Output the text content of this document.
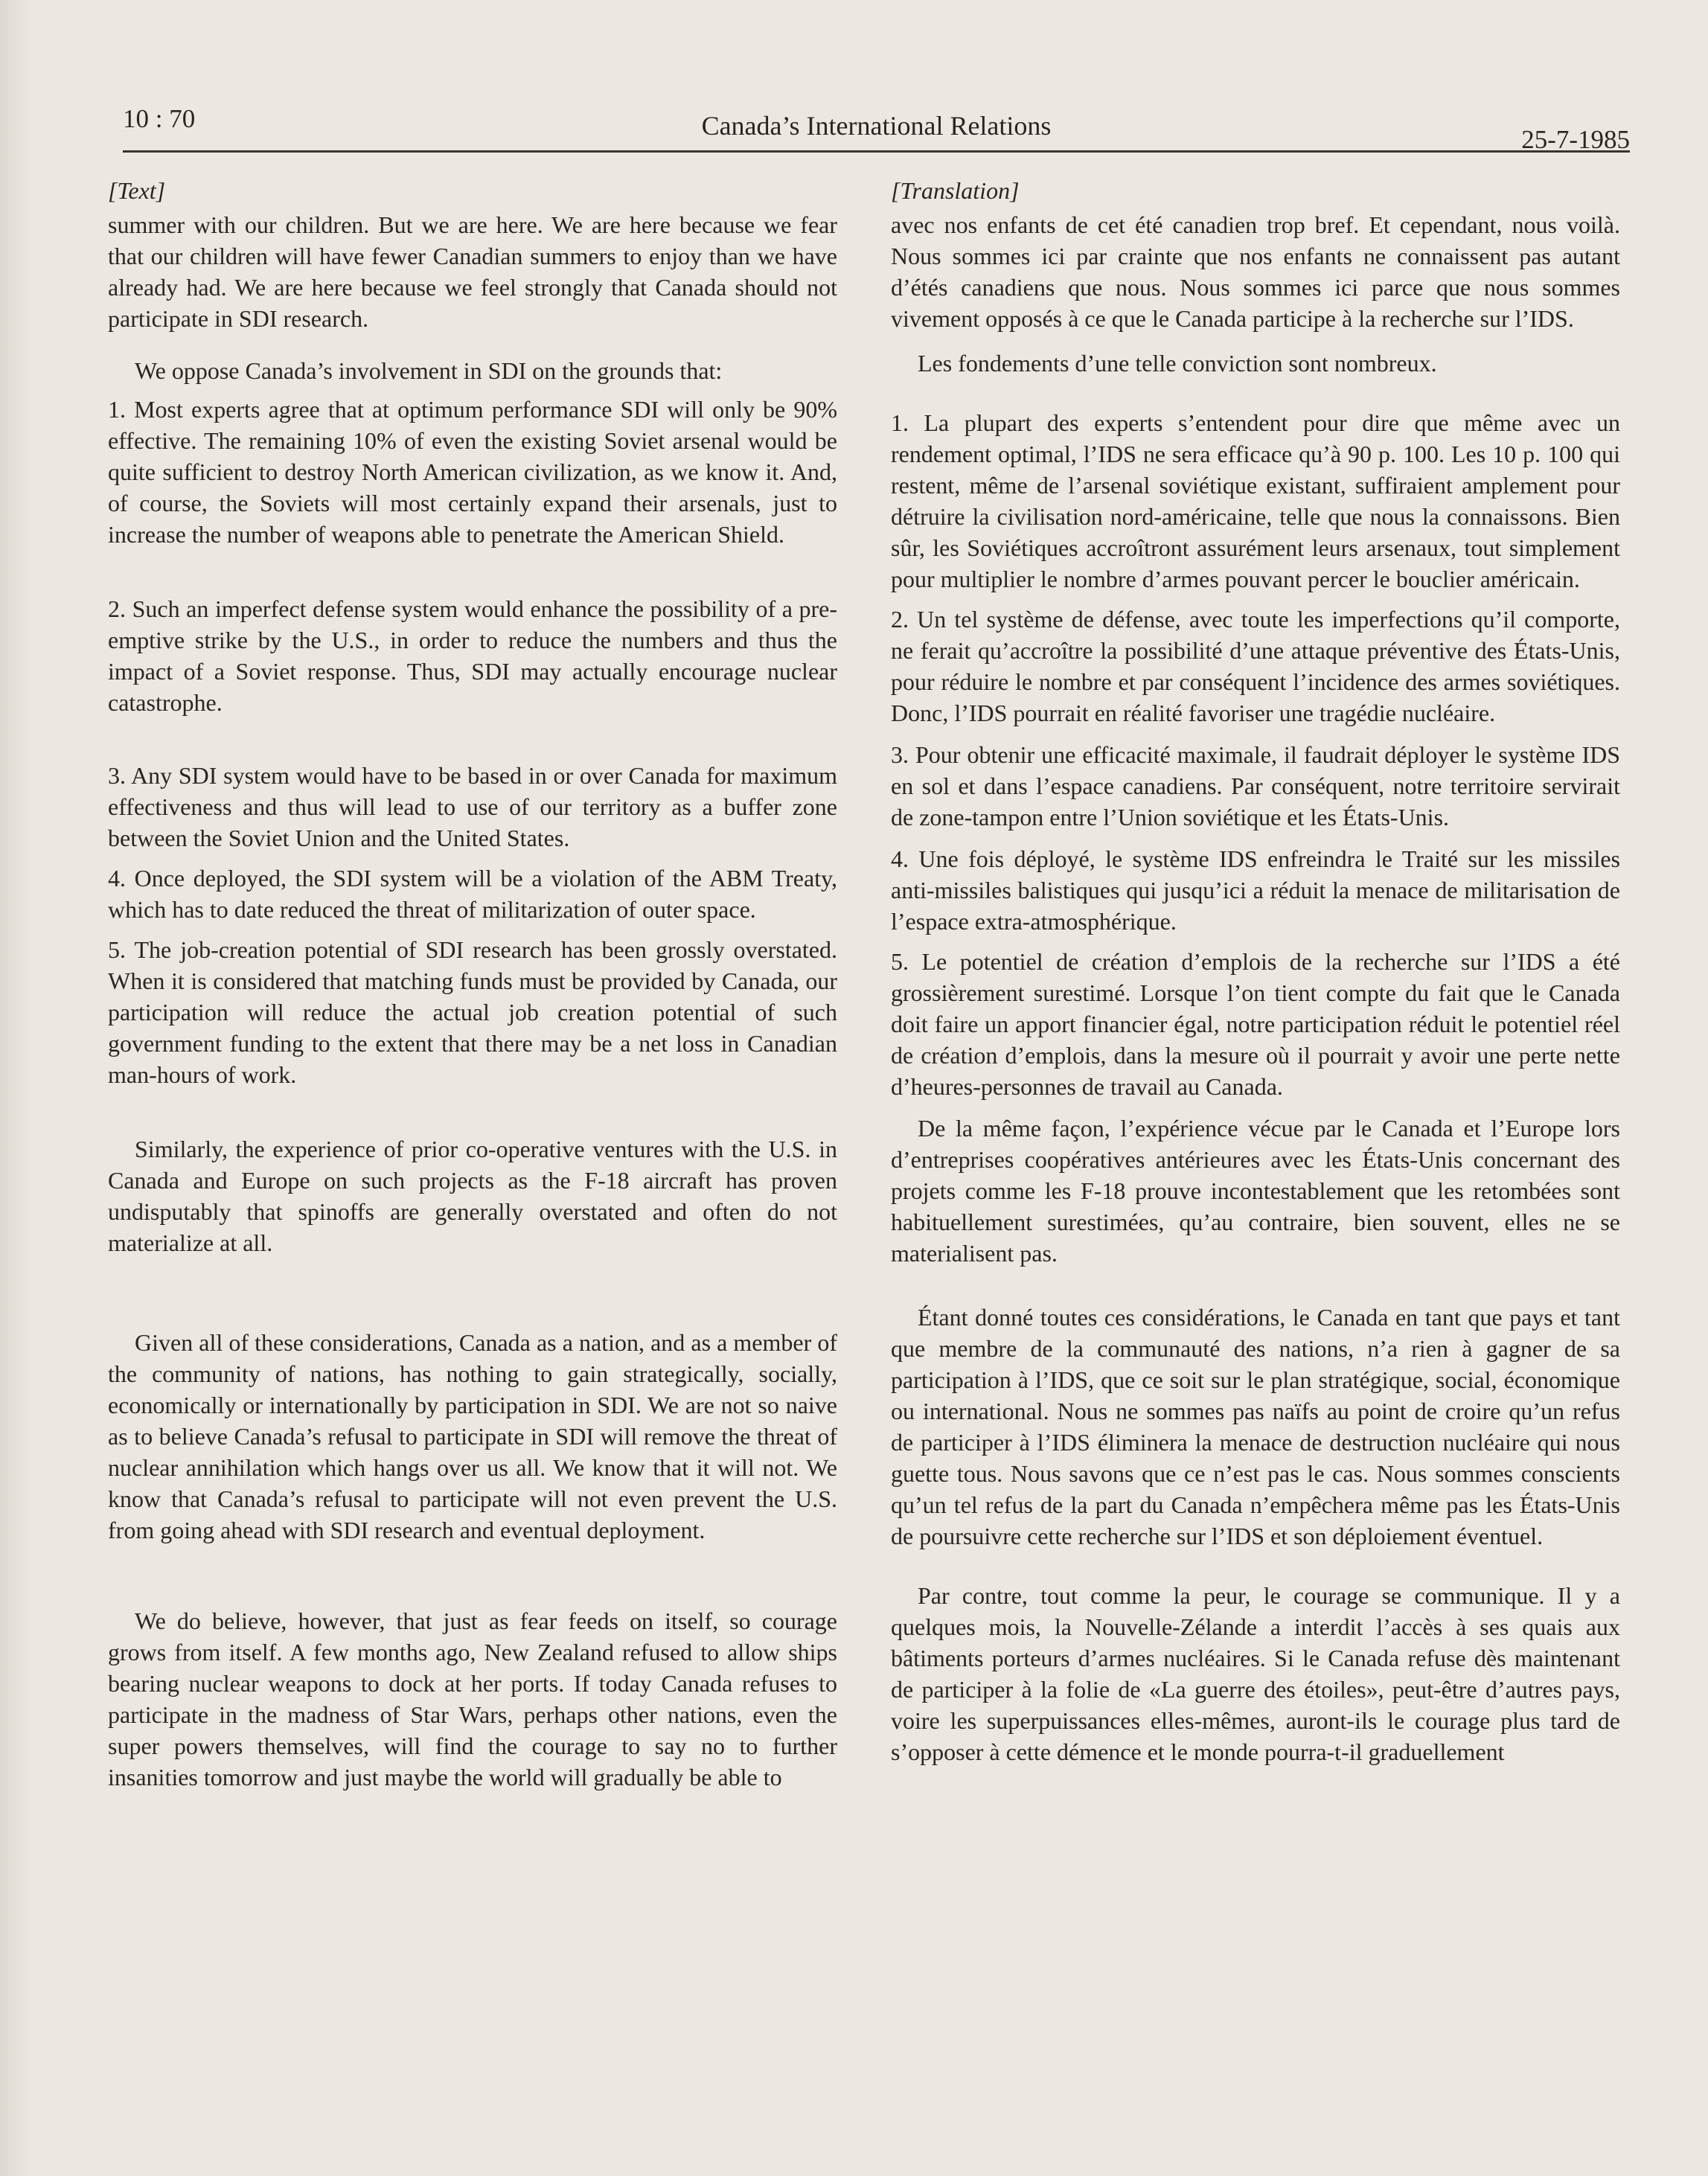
10 : 70	Canada’s International Relations	25-7-1985
[Text]

summer with our children. But we are here. We are here because we fear that our children will have fewer Canadian summers to enjoy than we have already had. We are here because we feel strongly that Canada should not participate in SDI research.

We oppose Canada’s involvement in SDI on the grounds that:

1. Most experts agree that at optimum performance SDI will only be 90% effective. The remaining 10% of even the existing Soviet arsenal would be quite sufficient to destroy North American civilization, as we know it. And, of course, the Soviets will most certainly expand their arsenals, just to increase the number of weapons able to penetrate the American Shield.

2. Such an imperfect defense system would enhance the possibility of a pre-emptive strike by the U.S., in order to reduce the numbers and thus the impact of a Soviet response. Thus, SDI may actually encourage nuclear catastrophe.

3. Any SDI system would have to be based in or over Canada for maximum effectiveness and thus will lead to use of our territory as a buffer zone between the Soviet Union and the United States.

4. Once deployed, the SDI system will be a violation of the ABM Treaty, which has to date reduced the threat of militarization of outer space.

5. The job-creation potential of SDI research has been grossly overstated. When it is considered that matching funds must be provided by Canada, our participation will reduce the actual job creation potential of such government funding to the extent that there may be a net loss in Canadian man-hours of work.

Similarly, the experience of prior co-operative ventures with the U.S. in Canada and Europe on such projects as the F-18 aircraft has proven undisputably that spinoffs are generally overstated and often do not materialize at all.

Given all of these considerations, Canada as a nation, and as a member of the community of nations, has nothing to gain strategically, socially, economically or internationally by participation in SDI. We are not so naive as to believe Canada’s refusal to participate in SDI will remove the threat of nuclear annihilation which hangs over us all. We know that it will not. We know that Canada’s refusal to participate will not even prevent the U.S. from going ahead with SDI research and eventual deployment.

We do believe, however, that just as fear feeds on itself, so courage grows from itself. A few months ago, New Zealand refused to allow ships bearing nuclear weapons to dock at her ports. If today Canada refuses to participate in the madness of Star Wars, perhaps other nations, even the super powers themselves, will find the courage to say no to further insanities tomorrow and just maybe the world will gradually be able to

[Translation]

avec nos enfants de cet été canadien trop bref. Et cependant, nous voilà. Nous sommes ici par crainte que nos enfants ne connaissent pas autant d’étés canadiens que nous. Nous sommes ici parce que nous sommes vivement opposés à ce que le Canada participe à la recherche sur l’IDS.

Les fondements d’une telle conviction sont nombreux.

1. La plupart des experts s’entendent pour dire que même avec un rendement optimal, l’IDS ne sera efficace qu’à 90 p. 100. Les 10 p. 100 qui restent, même de l’arsenal soviétique existant, suffiraient amplement pour détruire la civilisation nord-américaine, telle que nous la connaissons. Bien sûr, les Soviétiques accroîtront assurément leurs arsenaux, tout simplement pour multiplier le nombre d’armes pouvant percer le bouclier américain.

2. Un tel système de défense, avec toute les imperfections qu’il comporte, ne ferait qu’accroître la possibilité d’une attaque préventive des États-Unis, pour réduire le nombre et par conséquent l’incidence des armes soviétiques. Donc, l’IDS pourrait en réalité favoriser une tragédie nucléaire.

3. Pour obtenir une efficacité maximale, il faudrait déployer le système IDS en sol et dans l’espace canadiens. Par conséquent, notre territoire servirait de zone-tampon entre l’Union soviétique et les États-Unis.

4. Une fois déployé, le système IDS enfreindra le Traité sur les missiles anti-missiles balistiques qui jusqu’ici a réduit la menace de militarisation de l’espace extra-atmosphérique.

5. Le potentiel de création d’emplois de la recherche sur l’IDS a été grossièrement surestimé. Lorsque l’on tient compte du fait que le Canada doit faire un apport financier égal, notre participation réduit le potentiel réel de création d’emplois, dans la mesure où il pourrait y avoir une perte nette d’heures-personnes de travail au Canada.

De la même façon, l’expérience vécue par le Canada et l’Europe lors d’entreprises coopératives antérieures avec les États-Unis concernant des projets comme les F-18 prouve incontestablement que les retombées sont habituellement surestimées, qu’au contraire, bien souvent, elles ne se materialisent pas.

Étant donné toutes ces considérations, le Canada en tant que pays et tant que membre de la communauté des nations, n’a rien à gagner de sa participation à l’IDS, que ce soit sur le plan stratégique, social, économique ou international. Nous ne sommes pas naïfs au point de croire qu’un refus de participer à l’IDS éliminera la menace de destruction nucléaire qui nous guette tous. Nous savons que ce n’est pas le cas. Nous sommes conscients qu’un tel refus de la part du Canada n’empêchera même pas les États-Unis de poursuivre cette recherche sur l’IDS et son déploiement éventuel.

Par contre, tout comme la peur, le courage se communique. Il y a quelques mois, la Nouvelle-Zélande a interdit l’accès à ses quais aux bâtiments porteurs d’armes nucléaires. Si le Canada refuse dès maintenant de participer à la folie de «La guerre des étoiles», peut-être d’autres pays, voire les superpuissances elles-mêmes, auront-ils le courage plus tard de s’opposer à cette démence et le monde pourra-t-il graduellement
